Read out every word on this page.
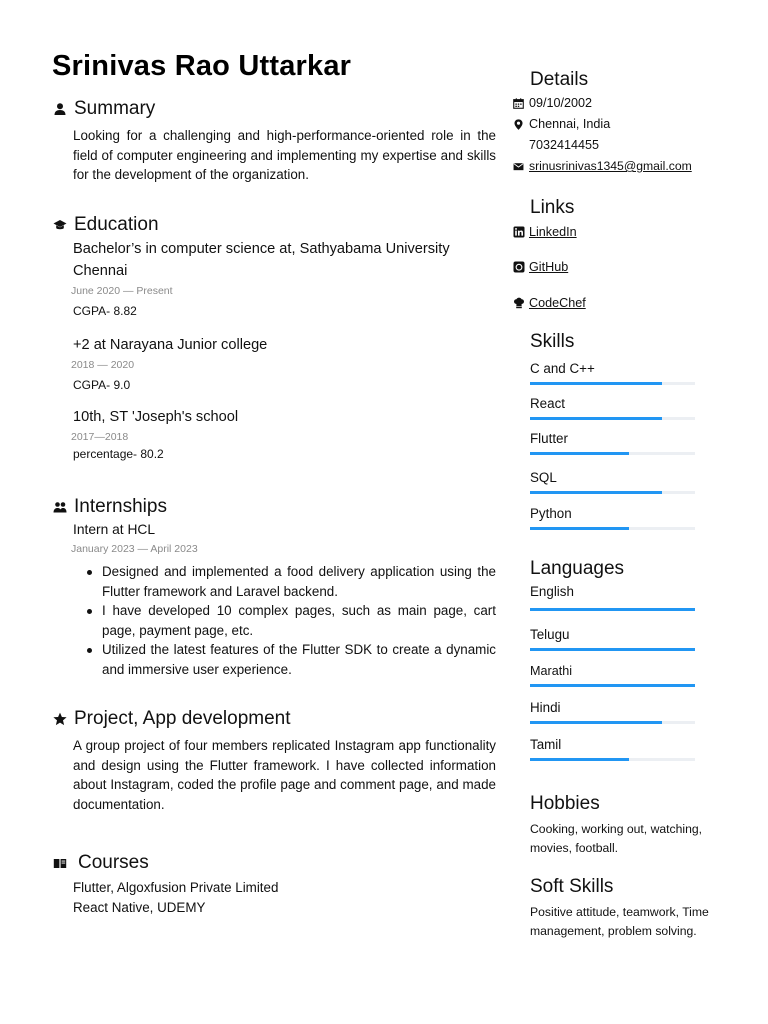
Srinivas Rao Uttarkar
Summary

Looking for a challenging and high-performance-oriented role in the field of computer engineering and implementing my expertise and skills for the development of the organization.

Education
Bachelor’s in computer science at, Sathyabama University Chennai
June 2020 — Present
CGPA- 8.82
+2 at Narayana Junior college
2018 — 2020
CGPA- 9.0
10th, ST 'Joseph's school
2017—2018
percentage- 80.2
Internships
Intern at HCL
January 2023 — April 2023
Designed and implemented a food delivery application using the Flutter framework and Laravel backend.
I have developed 10 complex pages, such as main page, cart page, payment page, etc.
Utilized the latest features of the Flutter SDK to create a dynamic and immersive user experience.
Project, App development

A group project of four members replicated Instagram app functionality and design using the Flutter framework. I have collected information about Instagram, coded the profile page and comment page, and made documentation.

Courses
Flutter, Algoxfusion Private Limited
React Native, UDEMY
Details
09/10/2002
Chennai, India
7032414455
srinusrinivas1345@gmail.com
Links
LinkedIn
GitHub
CodeChef
Skills
C and C++
React
Flutter
SQL
Python
Languages
English
Telugu
Marathi
Hindi
Tamil
Hobbies
Cooking, working out, watching, movies, football.
Soft Skills
Positive attitude, teamwork, Time management, problem solving.
